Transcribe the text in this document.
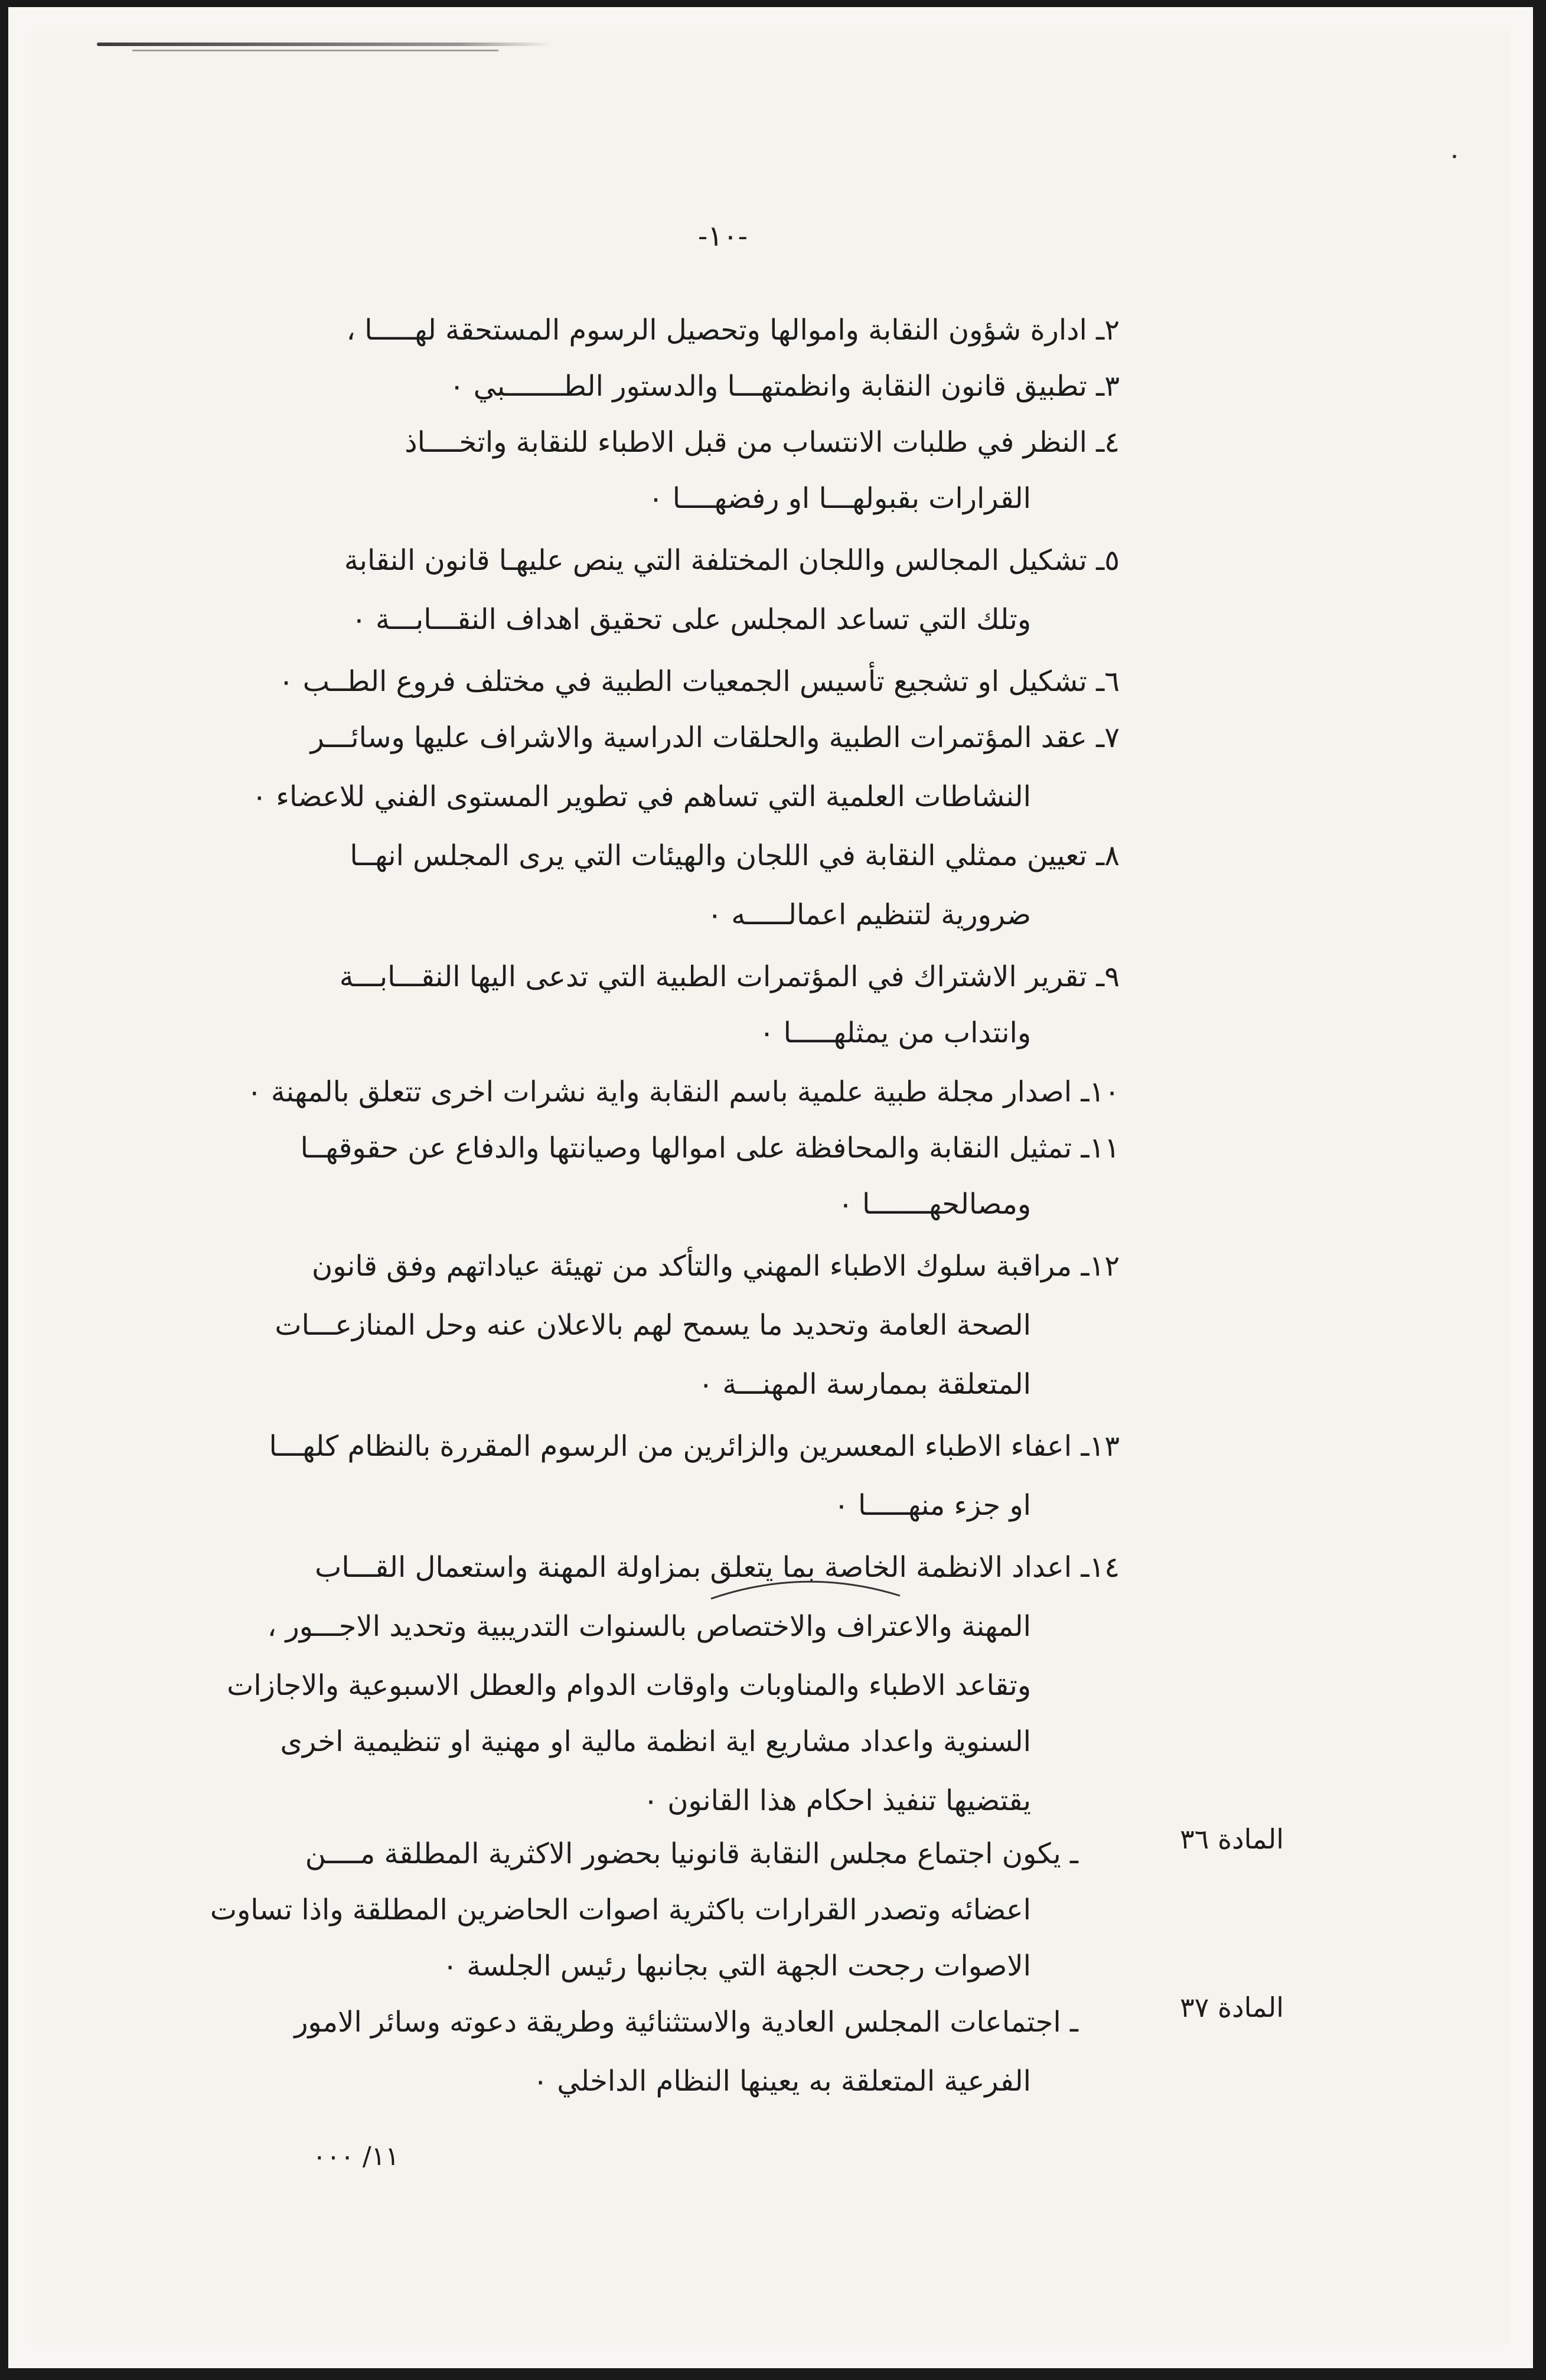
-١٠-
٢ـ ادارة شؤون النقابة واموالها وتحصيل الرسوم المستحقة لهـــــا ،
٣ـ تطبيق قانون النقابة وانظمتهـــا والدستور الطـــــــبي ٠
٤ـ النظر في طلبات الانتساب من قبل الاطباء للنقابة واتخــــاذ
القرارات بقبولهـــا او رفضهــــا ٠
٥ـ تشكيل المجالس واللجان المختلفة التي ينص عليهـا قانون النقابة
وتلك التي تساعد المجلس على تحقيق اهداف النقـــابـــة ٠
٦ـ تشكيل او تشجيع تأسيس الجمعيات الطبية في مختلف فروع الطــب ٠
٧ـ عقد المؤتمرات الطبية والحلقات الدراسية والاشراف عليها وسائـــر
النشاطات العلمية التي تساهم في تطوير المستوى الفني للاعضاء ٠
٨ـ تعيين ممثلي النقابة في اللجان والهيئات التي يرى المجلس انهــا
ضرورية لتنظيم اعمالـــــه ٠
٩ـ تقرير الاشتراك في المؤتمرات الطبية التي تدعى اليها النقـــابـــة
وانتداب من يمثلهـــــا ٠
١٠ـ اصدار مجلة طبية علمية باسم النقابة واية نشرات اخرى تتعلق بالمهنة ٠
١١ـ تمثيل النقابة والمحافظة على اموالها وصيانتها والدفاع عن حقوقهــا
ومصالحهـــــــا ٠
١٢ـ مراقبة سلوك الاطباء المهني والتأكد من تهيئة عياداتهم وفق قانون
الصحة العامة وتحديد ما يسمح لهم بالاعلان عنه وحل المنازعـــات
المتعلقة بممارسة المهنـــة ٠
١٣ـ اعفاء الاطباء المعسرين والزائرين من الرسوم المقررة بالنظام كلهـــا
او جزء منهـــــا ٠
١٤ـ اعداد الانظمة الخاصة بما يتعلق بمزاولة المهنة واستعمال القـــاب
المهنة والاعتراف والاختصاص بالسنوات التدريبية وتحديد الاجـــور ،
وتقاعد الاطباء والمناوبات واوقات الدوام والعطل الاسبوعية والاجازات
السنوية واعداد مشاريع اية انظمة مالية او مهنية او تنظيمية اخرى
يقتضيها تنفيذ احكام هذا القانون ٠
المادة ٣٦
ـ يكون اجتماع مجلس النقابة قانونيا بحضور الاكثرية المطلقة مــــن
اعضائه وتصدر القرارات باكثرية اصوات الحاضرين المطلقة واذا تساوت
الاصوات رجحت الجهة التي بجانبها رئيس الجلسة ٠
المادة ٣٧
ـ اجتماعات المجلس العادية والاستثنائية وطريقة دعوته وسائر الامور
الفرعية المتعلقة به يعينها النظام الداخلي ٠
١١/ ٠٠٠
